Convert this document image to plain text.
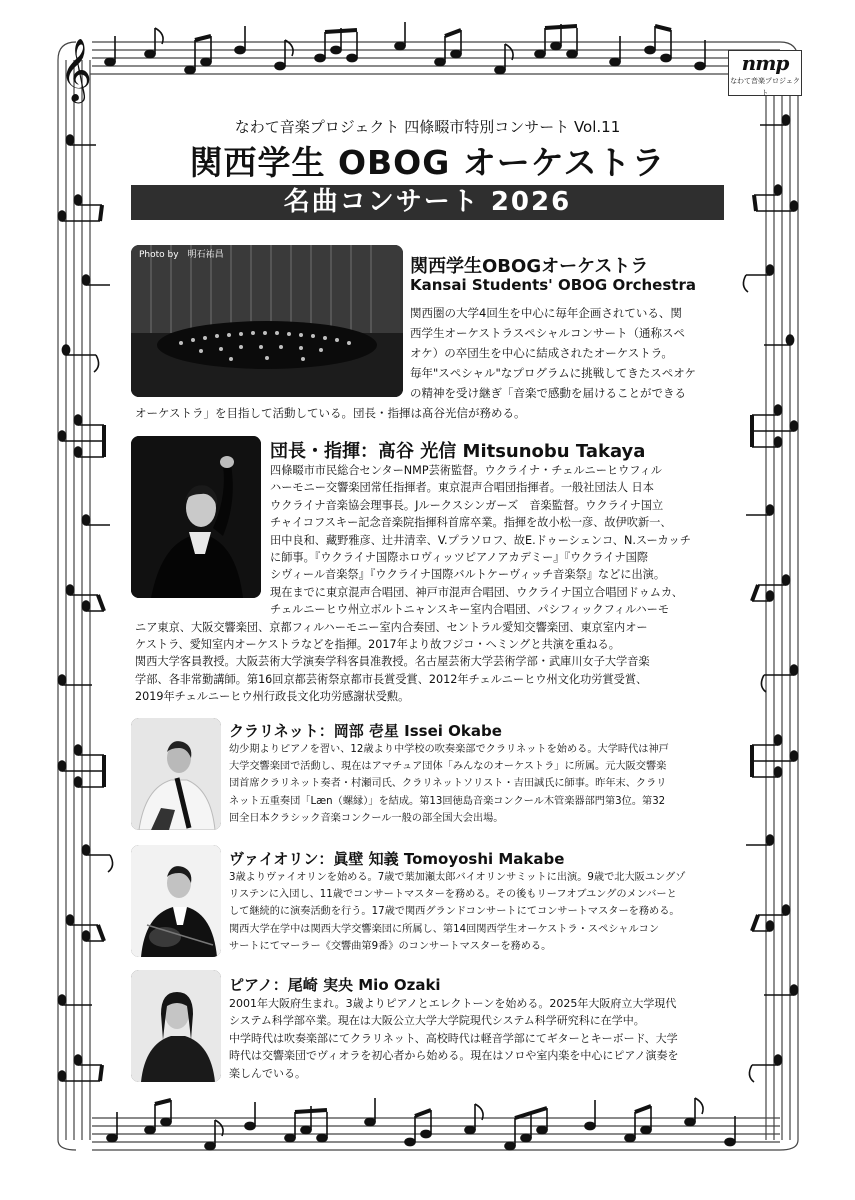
𝄞	nmp
なわて音楽プロジェクト
なわて音楽プロジェクト 四條畷市特別コンサート Vol.11
関西学生 OBOG オーケストラ
名曲コンサート 2026
Photo by　明石祐昌
関西学生OBOGオーケストラ
Kansai Students' OBOG Orchestra
関西圏の大学4回生を中心に毎年企画されている、関
西学生オーケストラスペシャルコンサート（通称スペ
オケ）の卒団生を中心に結成されたオーケストラ。
毎年"スペシャル"なプログラムに挑戦してきたスペオケ
の精神を受け継ぎ「音楽で感動を届けることができる
オーケストラ」を目指して活動している。団長・指揮は髙谷光信が務める。
団長・指揮：髙谷 光信 Mitsunobu Takaya
四條畷市市民総合センターNMP芸術監督。ウクライナ・チェルニーヒウフィル
ハーモニー交響楽団常任指揮者。東京混声合唱団指揮者。一般社団法人 日本
ウクライナ音楽協会理事長。Jルークスシンガーズ　音楽監督。ウクライナ国立
チャイコフスキー記念音楽院指揮科首席卒業。指揮を故小松一彦、故伊吹新一、
田中良和、藏野雅彦、辻井清幸、V.プラソロフ、故E.ドゥーシェンコ、N.スーカッチ
に師事。『ウクライナ国際ホロヴィッツピアノアカデミー』『ウクライナ国際
シヴィール音楽祭』『ウクライナ国際バルトケーヴィッチ音楽祭』などに出演。
現在までに東京混声合唱団、神戸市混声合唱団、ウクライナ国立合唱団ドゥムカ、
チェルニーヒウ州立ボルトニャンスキー室内合唱団、パシフィックフィルハーモ
ニア東京、大阪交響楽団、京都フィルハーモニー室内合奏団、セントラル愛知交響楽団、東京室内オー
ケストラ、愛知室内オーケストラなどを指揮。2017年より故フジコ・ヘミングと共演を重ねる。
関西大学客員教授。大阪芸術大学演奏学科客員准教授。名古屋芸術大学芸術学部・武庫川女子大学音楽
学部、各非常勤講師。第16回京都芸術祭京都市長賞受賞、2012年チェルニーヒウ州文化功労賞受賞、
2019年チェルニーヒウ州行政長文化功労感謝状受勲。
クラリネット：岡部 壱星 Issei Okabe
幼少期よりピアノを習い、12歳より中学校の吹奏楽部でクラリネットを始める。大学時代は神戸
大学交響楽団で活動し、現在はアマチュア団体「みんなのオーケストラ」に所属。元大阪交響楽
団首席クラリネット奏者・村瀬司氏、クラリネットソリスト・吉田誠氏に師事。昨年末、クラリ
ネット五重奏団「Læn（螺縁）」を結成。第13回徳島音楽コンクール木管楽器部門第3位。第32
回全日本クラシック音楽コンクール一般の部全国大会出場。
ヴァイオリン：眞壁 知義 Tomoyoshi Makabe
3歳よりヴァイオリンを始める。7歳で葉加瀬太郎バイオリンサミットに出演。9歳で北大阪ユングゾ
リステンに入団し、11歳でコンサートマスターを務める。その後もリーフオブユングのメンバーと
して継続的に演奏活動を行う。17歳で関西グランドコンサートにてコンサートマスターを務める。
関西大学在学中は関西大学交響楽団に所属し、第14回関西学生オーケストラ・スペシャルコン
サートにてマーラー《交響曲第9番》のコンサートマスターを務める。
ピアノ：尾崎 実央 Mio Ozaki
2001年大阪府生まれ。3歳よりピアノとエレクトーンを始める。2025年大阪府立大学現代
システム科学部卒業。現在は大阪公立大学大学院現代システム科学研究科に在学中。
中学時代は吹奏楽部にてクラリネット、高校時代は軽音学部にてギターとキーボード、大学
時代は交響楽団でヴィオラを初心者から始める。現在はソロや室内楽を中心にピアノ演奏を
楽しんでいる。
